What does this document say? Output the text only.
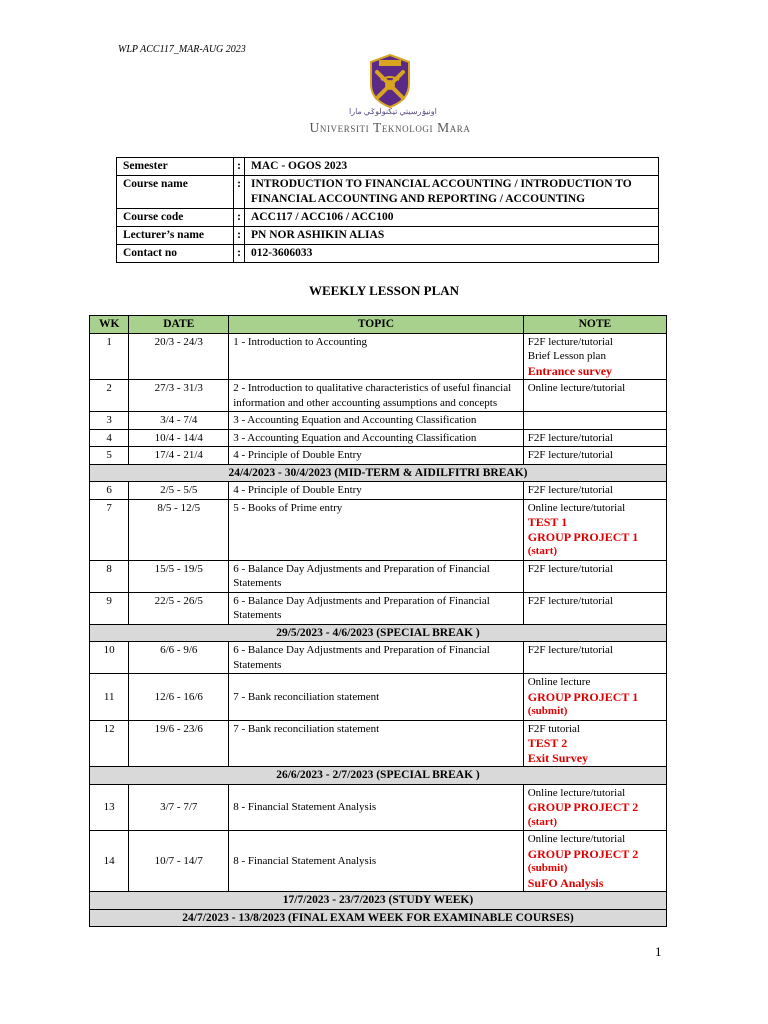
WLP ACC117_MAR-AUG 2023
اونيۏرسيتي تيكنولوݢي مارا
Universiti Teknologi Mara
Semester	:	MAC - OGOS 2023
Course name	:	INTRODUCTION TO FINANCIAL ACCOUNTING / INTRODUCTION TO FINANCIAL ACCOUNTING AND REPORTING / ACCOUNTING
Course code	:	ACC117 / ACC106 / ACC100
Lecturer’s name	:	PN NOR ASHIKIN ALIAS
Contact no	:	012-3606033
WEEKLY LESSON PLAN
WK	DATE	TOPIC	NOTE
1	20/3 - 24/3	1 - Introduction to Accounting	F2F lecture/tutorial
Brief Lesson plan
Entrance survey

2	27/3 - 31/3	2 - Introduction to qualitative characteristics of useful financial information and other accounting assumptions and concepts	Online lecture/tutorial

3	3/4 - 7/4	3 - Accounting Equation and Accounting Classification	
4	10/4 - 14/4	3 - Accounting Equation and Accounting Classification	F2F lecture/tutorial

5	17/4 - 21/4	4 - Principle of Double Entry	F2F lecture/tutorial

24/4/2023 - 30/4/2023 (MID-TERM & AIDILFITRI BREAK)			
6	2/5 - 5/5	4 - Principle of Double Entry	F2F lecture/tutorial

7	8/5 - 12/5	5 - Books of Prime entry	Online lecture/tutorial
TEST 1
GROUP PROJECT 1
(start)

8	15/5 - 19/5	6 - Balance Day Adjustments and Preparation of Financial Statements	F2F lecture/tutorial

9	22/5 - 26/5	6 - Balance Day Adjustments and Preparation of Financial Statements	F2F lecture/tutorial

29/5/2023 - 4/6/2023 (SPECIAL BREAK )			
10	6/6 - 9/6	6 - Balance Day Adjustments and Preparation of Financial Statements	F2F lecture/tutorial

11	12/6 - 16/6	7 - Bank reconciliation statement	Online lecture
GROUP PROJECT 1
(submit)

12	19/6 - 23/6	7 - Bank reconciliation statement	F2F tutorial
TEST 2
Exit Survey

26/6/2023 - 2/7/2023 (SPECIAL BREAK )			
13	3/7 - 7/7	8 - Financial Statement Analysis	Online lecture/tutorial
GROUP PROJECT 2
(start)

14	10/7 - 14/7	8 - Financial Statement Analysis	Online lecture/tutorial
GROUP PROJECT 2
(submit)
SuFO Analysis

17/7/2023 - 23/7/2023 (STUDY WEEK)			
24/7/2023 - 13/8/2023 (FINAL EXAM WEEK FOR EXAMINABLE COURSES)			
1
